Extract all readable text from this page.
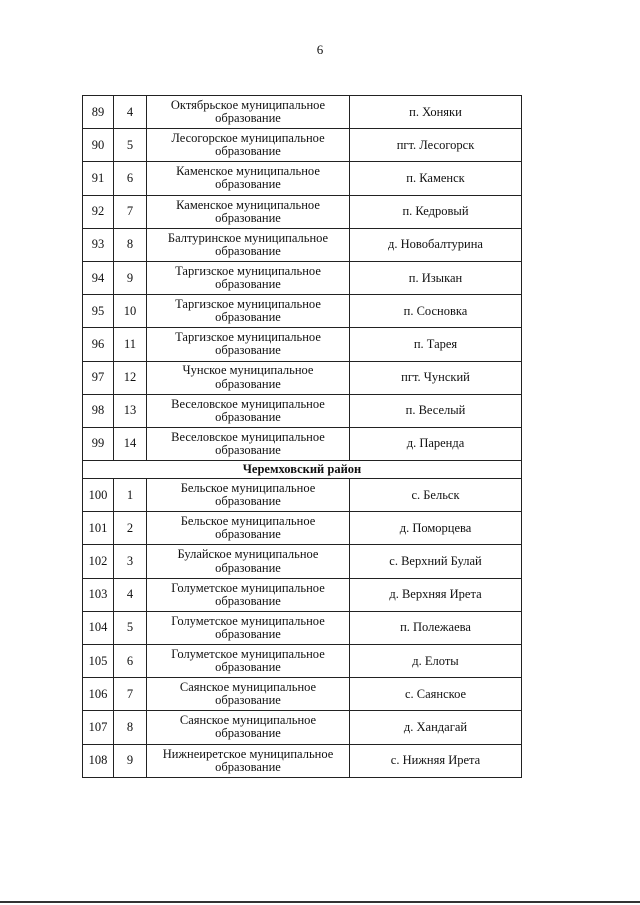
6
89	4	Октябрьское муниципальное образование	п. Хоняки
90	5	Лесогорское муниципальное образование	пгт. Лесогорск
91	6	Каменское муниципальное образование	п. Каменск
92	7	Каменское муниципальное образование	п. Кедровый
93	8	Балтуринское муниципальное образование	д. Новобалтурина
94	9	Таргизское муниципальное образование	п. Изыкан
95	10	Таргизское муниципальное образование	п. Сосновка
96	11	Таргизское муниципальное образование	п. Тарея
97	12	Чунское муниципальное образование	пгт. Чунский
98	13	Веселовское муниципальное образование	п. Веселый
99	14	Веселовское муниципальное образование	д. Паренда
Черемховский район			
100	1	Бельское муниципальное образование	с. Бельск
101	2	Бельское муниципальное образование	д. Поморцева
102	3	Булайское муниципальное образование	с. Верхний Булай
103	4	Голуметское муниципальное образование	д. Верхняя Ирета
104	5	Голуметское муниципальное образование	п. Полежаева
105	6	Голуметское муниципальное образование	д. Елоты
106	7	Саянское муниципальное образование	с. Саянское
107	8	Саянское муниципальное образование	д. Хандагай
108	9	Нижнеиретское муниципальное образование	с. Нижняя Ирета
